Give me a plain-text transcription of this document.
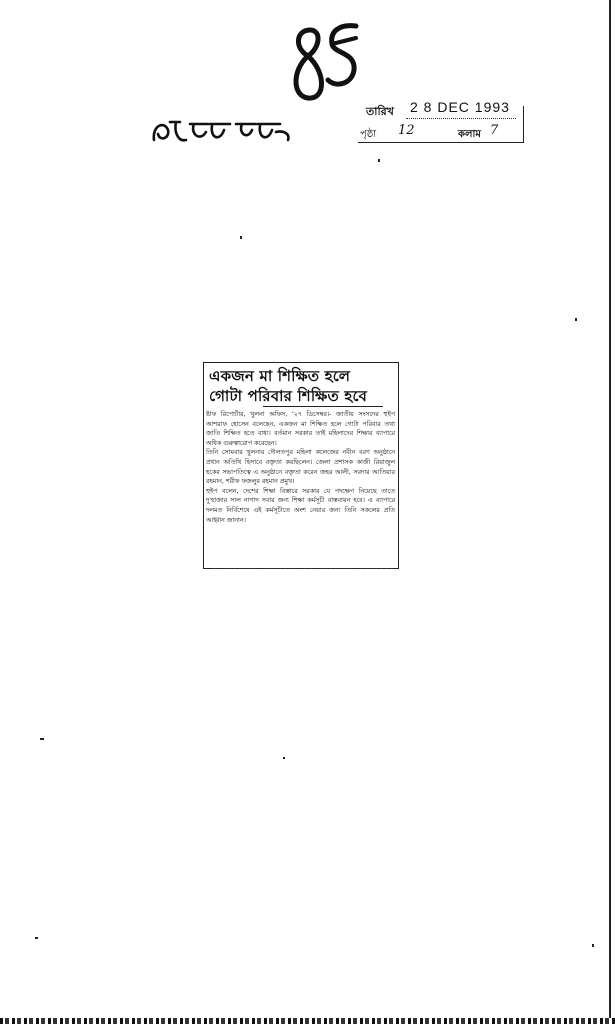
তারিখ 2 8 DEC 1993
পৃষ্ঠা 12	কলাম 7
একজন মা শিক্ষিত হলে
গোটা পরিবার শিক্ষিত হবে

ষ্টাফ রিপোর্টার, খুলনা অফিস, '২৭ ডিসেম্বর।- জাতীয় সংসদের হুইপ আশরাফ হোসেন বলেছেন, একজন মা শিক্ষিত হলে গোটা পরিবার তথা জাতি শিক্ষিত হতে বাধ্য। বর্তমান সরকার তাই মহিলাদের শিক্ষার ব্যাপারে অধিক গুরুত্বারোপ করেছেন।

তিনি সোমবার খুলনার দৌলতপুর মহিলা কলেজের নবীন বরণ অনুষ্ঠানে প্রধান অতিথি হিসাবে বক্তৃতা করছিলেন। জেলা প্রশাসক কাজী রিয়াজুল হকের সভাপতিত্বে এ অনুষ্ঠানে বক্তৃতা করেন জহর আলী, সরদার আতিয়ার রহমান, শরীফ ফজলুর রহমান প্রমুখ।

হুইপ বলেন, দেশের শিক্ষা বিস্তারে সরকার যে পদক্ষেপ নিয়েছে তাতে দু'হাজার সাল নাগাদ সবার জন্য শিক্ষা কর্মসূচী বাস্তবায়ন হবে। এ ব্যাপারে দলমত নির্বিশেষে এই কর্মসূচীতে অংশ নেয়ার জন্য তিনি সকলের প্রতি আহ্বান জানান।
